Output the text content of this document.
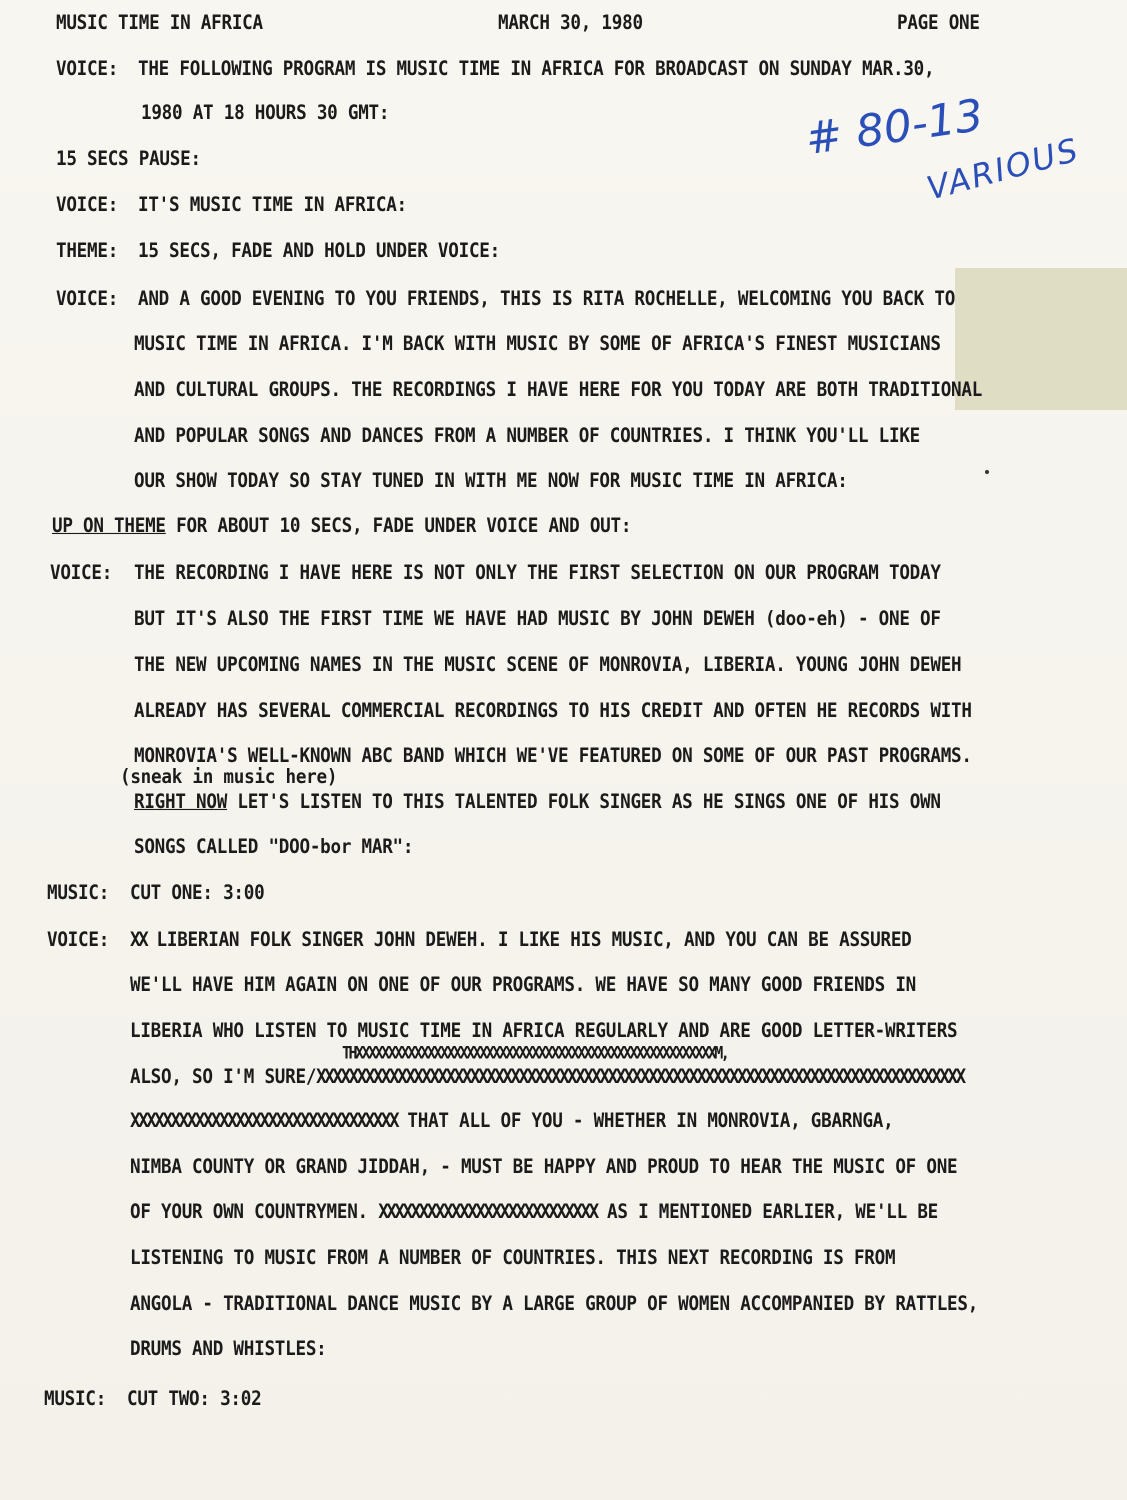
MUSIC TIME IN AFRICA	MARCH 30, 1980	PAGE ONE
# 80-13
VARIOUS
VOICE: THE FOLLOWING PROGRAM IS MUSIC TIME IN AFRICA FOR BROADCAST ON SUNDAY MAR.30,
1980 AT 18 HOURS 30 GMT:
15 SECS PAUSE:
VOICE: IT'S MUSIC TIME IN AFRICA:
THEME: 15 SECS, FADE AND HOLD UNDER VOICE:
VOICE: AND A GOOD EVENING TO YOU FRIENDS, THIS IS RITA ROCHELLE, WELCOMING YOU BACK TO
MUSIC TIME IN AFRICA. I'M BACK WITH MUSIC BY SOME OF AFRICA'S FINEST MUSICIANS
AND CULTURAL GROUPS. THE RECORDINGS I HAVE HERE FOR YOU TODAY ARE BOTH TRADITIONAL
AND POPULAR SONGS AND DANCES FROM A NUMBER OF COUNTRIES. I THINK YOU'LL LIKE
OUR SHOW TODAY SO STAY TUNED IN WITH ME NOW FOR MUSIC TIME IN AFRICA:
UP ON THEME FOR ABOUT 10 SECS, FADE UNDER VOICE AND OUT:
VOICE: THE RECORDING I HAVE HERE IS NOT ONLY THE FIRST SELECTION ON OUR PROGRAM TODAY
BUT IT'S ALSO THE FIRST TIME WE HAVE HAD MUSIC BY JOHN DEWEH (doo-eh) - ONE OF
THE NEW UPCOMING NAMES IN THE MUSIC SCENE OF MONROVIA, LIBERIA. YOUNG JOHN DEWEH
ALREADY HAS SEVERAL COMMERCIAL RECORDINGS TO HIS CREDIT AND OFTEN HE RECORDS WITH
MONROVIA'S WELL-KNOWN ABC BAND WHICH WE'VE FEATURED ON SOME OF OUR PAST PROGRAMS.
(sneak in music here)
RIGHT NOW LET'S LISTEN TO THIS TALENTED FOLK SINGER AS HE SINGS ONE OF HIS OWN
SONGS CALLED "DOO-bor MAR":
MUSIC: CUT ONE: 3:00
VOICE: XX LIBERIAN FOLK SINGER JOHN DEWEH. I LIKE HIS MUSIC, AND YOU CAN BE ASSURED
WE'LL HAVE HIM AGAIN ON ONE OF OUR PROGRAMS. WE HAVE SO MANY GOOD FRIENDS IN
LIBERIA WHO LISTEN TO MUSIC TIME IN AFRICA REGULARLY AND ARE GOOD LETTER-WRITERS
THXXXXXXXXXXXXXXXXXXXXXXXXXXXXXXXXXXXXXXXXXXXXXXXXXXXXXXXM,
ALSO, SO I'M SURE/XXXXXXXXXXXXXXXXXXXXXXXXXXXXXXXXXXXXXXXXXXXXXXXXXXXXXXXXXXXXXXXXXXXXXXXXXXXXXXXX
XXXXXXXXXXXXXXXXXXXXXXXXXXXXXXXXX THAT ALL OF YOU - WHETHER IN MONROVIA, GBARNGA,
NIMBA COUNTY OR GRAND JIDDAH, - MUST BE HAPPY AND PROUD TO HEAR THE MUSIC OF ONE
OF YOUR OWN COUNTRYMEN. XXXXXXXXXXXXXXXXXXXXXXXXXXX AS I MENTIONED EARLIER, WE'LL BE
LISTENING TO MUSIC FROM A NUMBER OF COUNTRIES. THIS NEXT RECORDING IS FROM
ANGOLA - TRADITIONAL DANCE MUSIC BY A LARGE GROUP OF WOMEN ACCOMPANIED BY RATTLES,
DRUMS AND WHISTLES:
MUSIC: CUT TWO: 3:02
